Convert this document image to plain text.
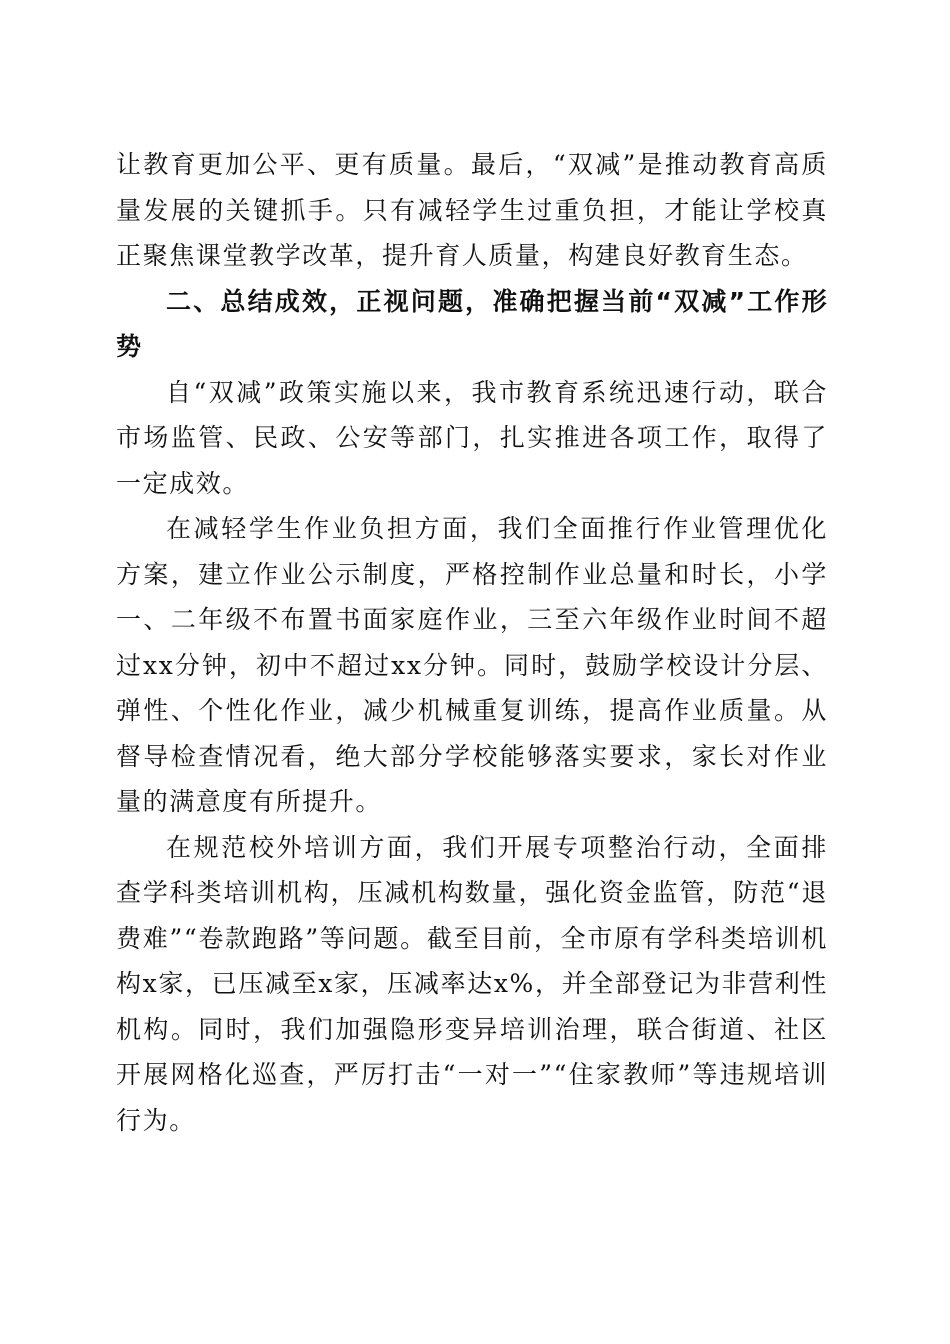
让教育更加公平、更有质量。最后，“双减”是推动教育高质量发展的关键抓手。只有减轻学生过重负担，才能让学校真正聚焦课堂教学改革，提升育人质量，构建良好教育生态。

二、总结成效，正视问题，准确把握当前“双减”工作形势

自“双减”政策实施以来，我市教育系统迅速行动，联合市场监管、民政、公安等部门，扎实推进各项工作，取得了一定成效。

在减轻学生作业负担方面，我们全面推行作业管理优化方案，建立作业公示制度，严格控制作业总量和时长，小学一、二年级不布置书面家庭作业，三至六年级作业时间不超过xx分钟，初中不超过xx分钟。同时，鼓励学校设计分层、弹性、个性化作业，减少机械重复训练，提高作业质量。从督导检查情况看，绝大部分学校能够落实要求，家长对作业量的满意度有所提升。

在规范校外培训方面，我们开展专项整治行动，全面排查学科类培训机构，压减机构数量，强化资金监管，防范“退费难”“卷款跑路”等问题。截至目前，全市原有学科类培训机构x家，已压减至x家，压减率达x%，并全部登记为非营利性机构。同时，我们加强隐形变异培训治理，联合街道、社区开展网格化巡查，严厉打击“一对一”“住家教师”等违规培训行为。
